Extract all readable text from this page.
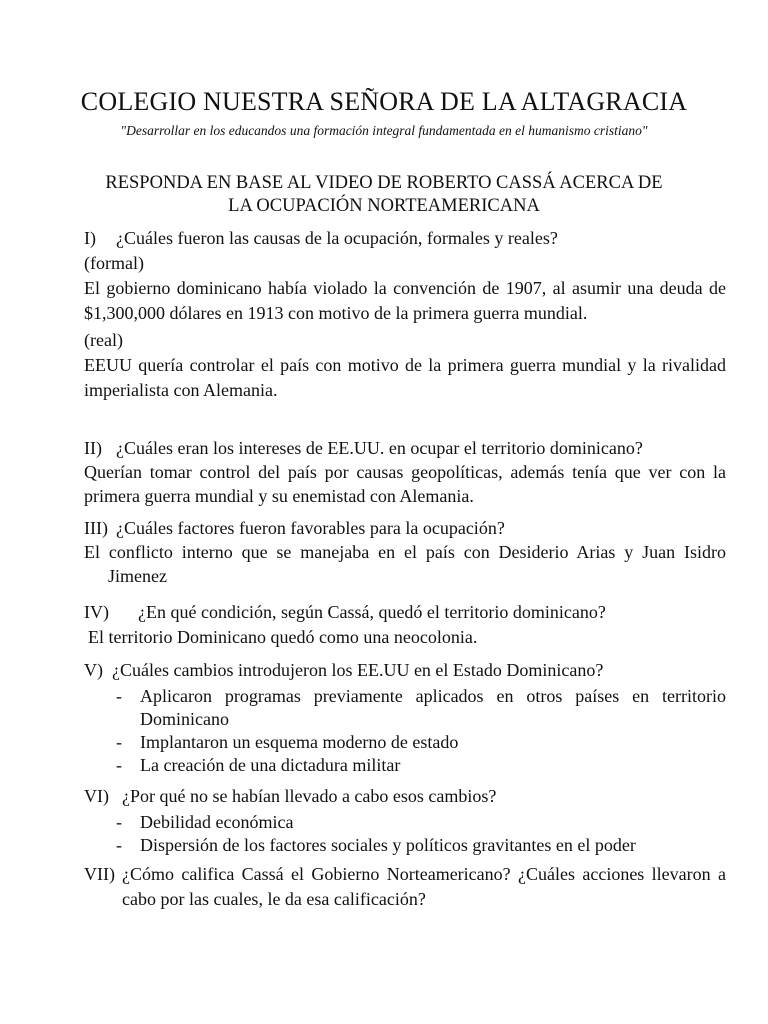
COLEGIO NUESTRA SEÑORA DE LA ALTAGRACIA
"Desarrollar en los educandos una formación integral fundamentada en el humanismo cristiano"
RESPONDA EN BASE AL VIDEO DE ROBERTO CASSÁ ACERCA DE
LA OCUPACIÓN NORTEAMERICANA
I)	¿Cuáles fueron las causas de la ocupación, formales y reales?
(formal)
El gobierno dominicano había violado la convención de 1907, al asumir una deuda de $1,300,000 dólares en 1913 con motivo de la primera guerra mundial.
(real)
EEUU quería controlar el país con motivo de la primera guerra mundial y la rivalidad imperialista con Alemania.
II) ¿Cuáles eran los intereses de EE.UU. en ocupar el territorio dominicano?
Querían tomar control del país por causas geopolíticas, además tenía que ver con la primera guerra mundial y su enemistad con Alemania.
III) ¿Cuáles factores fueron favorables para la ocupación?
El conflicto interno que se manejaba en el país con Desiderio Arias y Juan Isidro Jimenez
IV)	¿En qué condición, según Cassá, quedó el territorio dominicano?
El territorio Dominicano quedó como una neocolonia.
V) ¿Cuáles cambios introdujeron los EE.UU en el Estado Dominicano?
-	Aplicaron programas previamente aplicados en otros países en territorio Dominicano
-	Implantaron un esquema moderno de estado
-	La creación de una dictadura militar
VI) ¿Por qué no se habían llevado a cabo esos cambios?
-	Debilidad económica
-	Dispersión de los factores sociales y políticos gravitantes en el poder
VII) ¿Cómo califica Cassá el Gobierno Norteamericano? ¿Cuáles acciones llevaron a cabo por las cuales, le da esa calificación?
